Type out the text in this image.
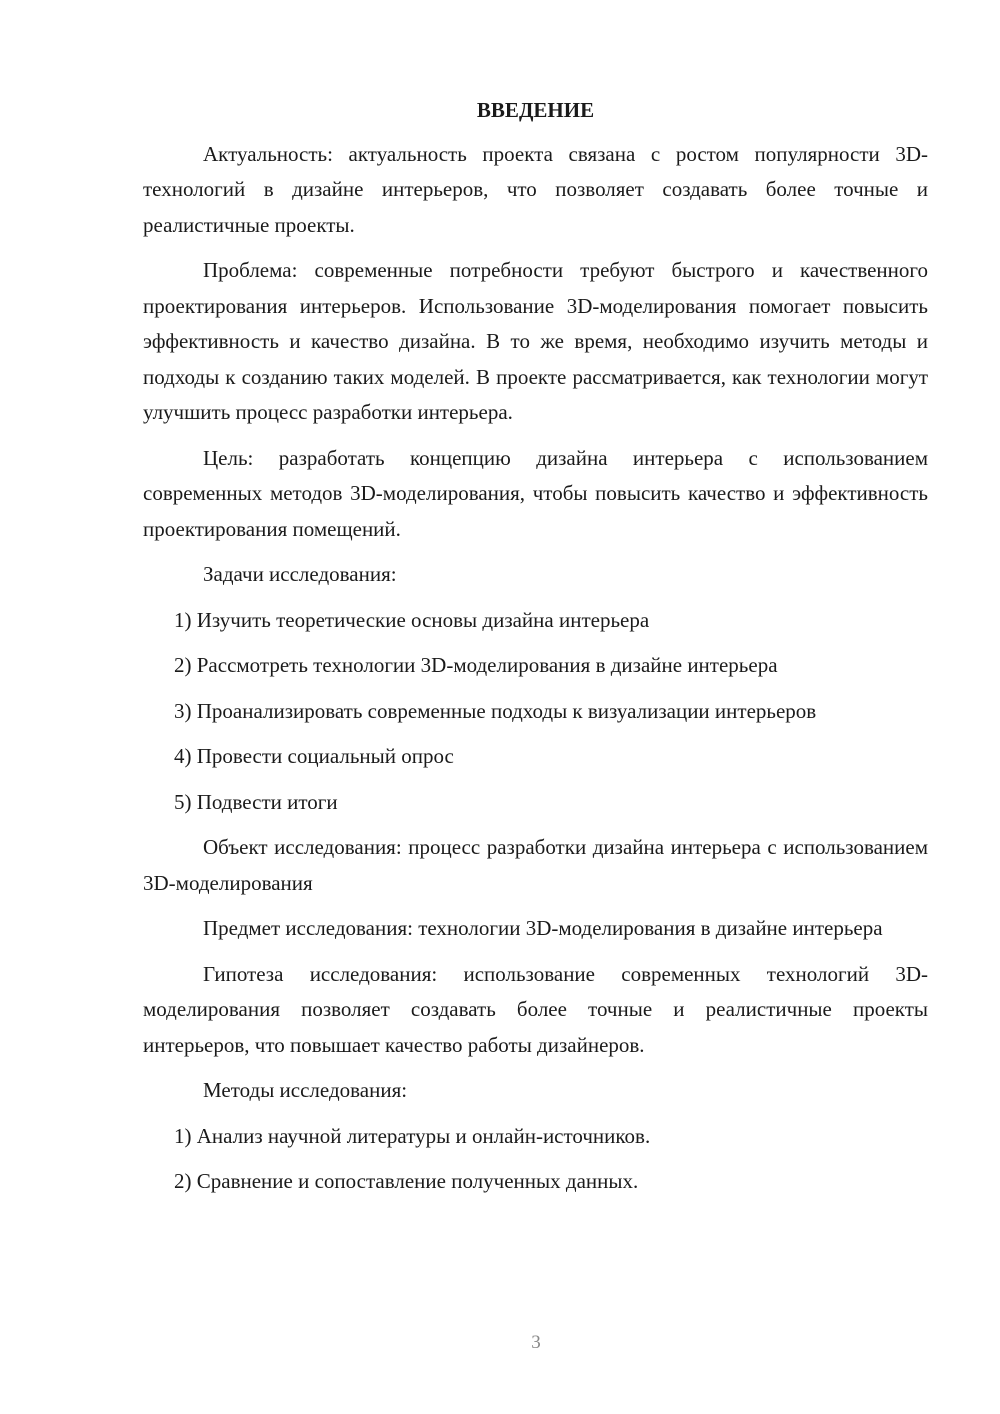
ВВЕДЕНИЕ

Актуальность: актуальность проекта связана с ростом популярности 3D-технологий в дизайне интерьеров, что позволяет создавать более точные и реалистичные проекты.

Проблема: современные потребности требуют быстрого и качественного проектирования интерьеров. Использование 3D-моделирования помогает повысить эффективность и качество дизайна. В то же время, необходимо изучить методы и подходы к созданию таких моделей. В проекте рассматривается, как технологии могут улучшить процесс разработки интерьера.

Цель: разработать концепцию дизайна интерьера с использованием современных методов 3D-моделирования, чтобы повысить качество и эффективность проектирования помещений.

Задачи исследования:

1) Изучить теоретические основы дизайна интерьера

2) Рассмотреть технологии 3D-моделирования в дизайне интерьера

3) Проанализировать современные подходы к визуализации интерьеров

4) Провести социальный опрос

5) Подвести итоги

Объект исследования: процесс разработки дизайна интерьера с использованием 3D-моделирования

Предмет исследования: технологии 3D-моделирования в дизайне интерьера

Гипотеза исследования: использование современных технологий 3D-моделирования позволяет создавать более точные и реалистичные проекты интерьеров, что повышает качество работы дизайнеров.

Методы исследования:

1) Анализ научной литературы и онлайн-источников.

2) Сравнение и сопоставление полученных данных.

3
